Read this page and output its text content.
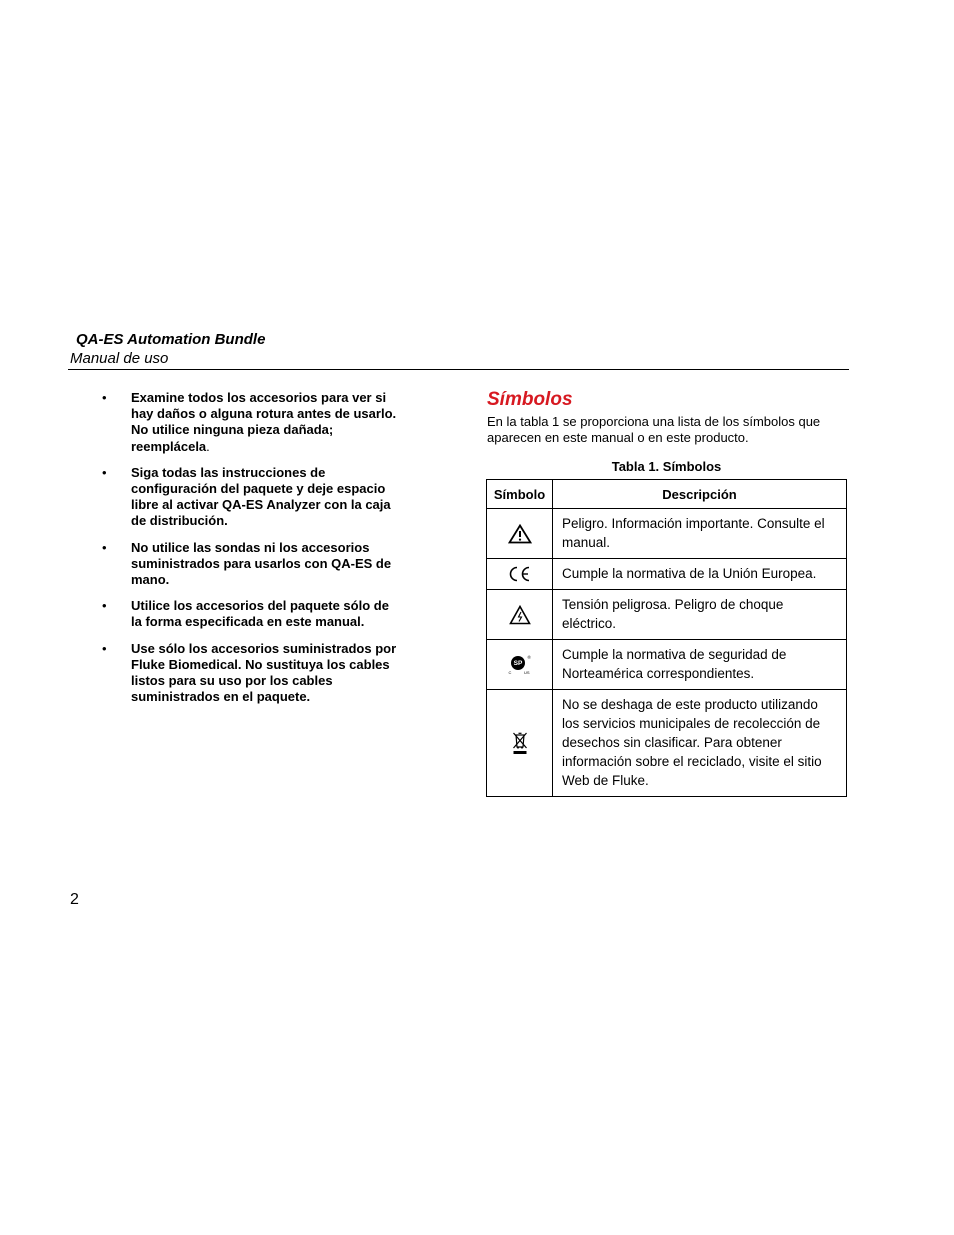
QA-ES Automation Bundle
Manual de uso
• Examine todos los accesorios para ver si hay daños o alguna rotura antes de usarlo. No utilice ninguna pieza dañada; reemplácela.
• Siga todas las instrucciones de configuración del paquete y deje espacio libre al activar QA-ES Analyzer con la caja de distribución.
• No utilice las sondas ni los accesorios suministrados para usarlos con QA-ES de mano.
• Utilice los accesorios del paquete sólo de la forma especificada en este manual.
• Use sólo los accesorios suministrados por Fluke Biomedical. No sustituya los cables listos para su uso por los cables suministrados en el paquete.
Símbolos
En la tabla 1 se proporciona una lista de los símbolos que aparecen en este manual o en este producto.
Tabla 1. Símbolos
Símbolo	Descripción

	Peligro. Información importante. Consulte el manual.

	Cumple la normativa de la Unión Europea.

	Tensión peligrosa. Peligro de choque eléctrico.

SP
®
C US	Cumple la normativa de seguridad de Norteamérica correspondientes.

	No se deshaga de este producto utilizando los servicios municipales de recolección de desechos sin clasificar. Para obtener información sobre el reciclado, visite el sitio Web de Fluke.
2
